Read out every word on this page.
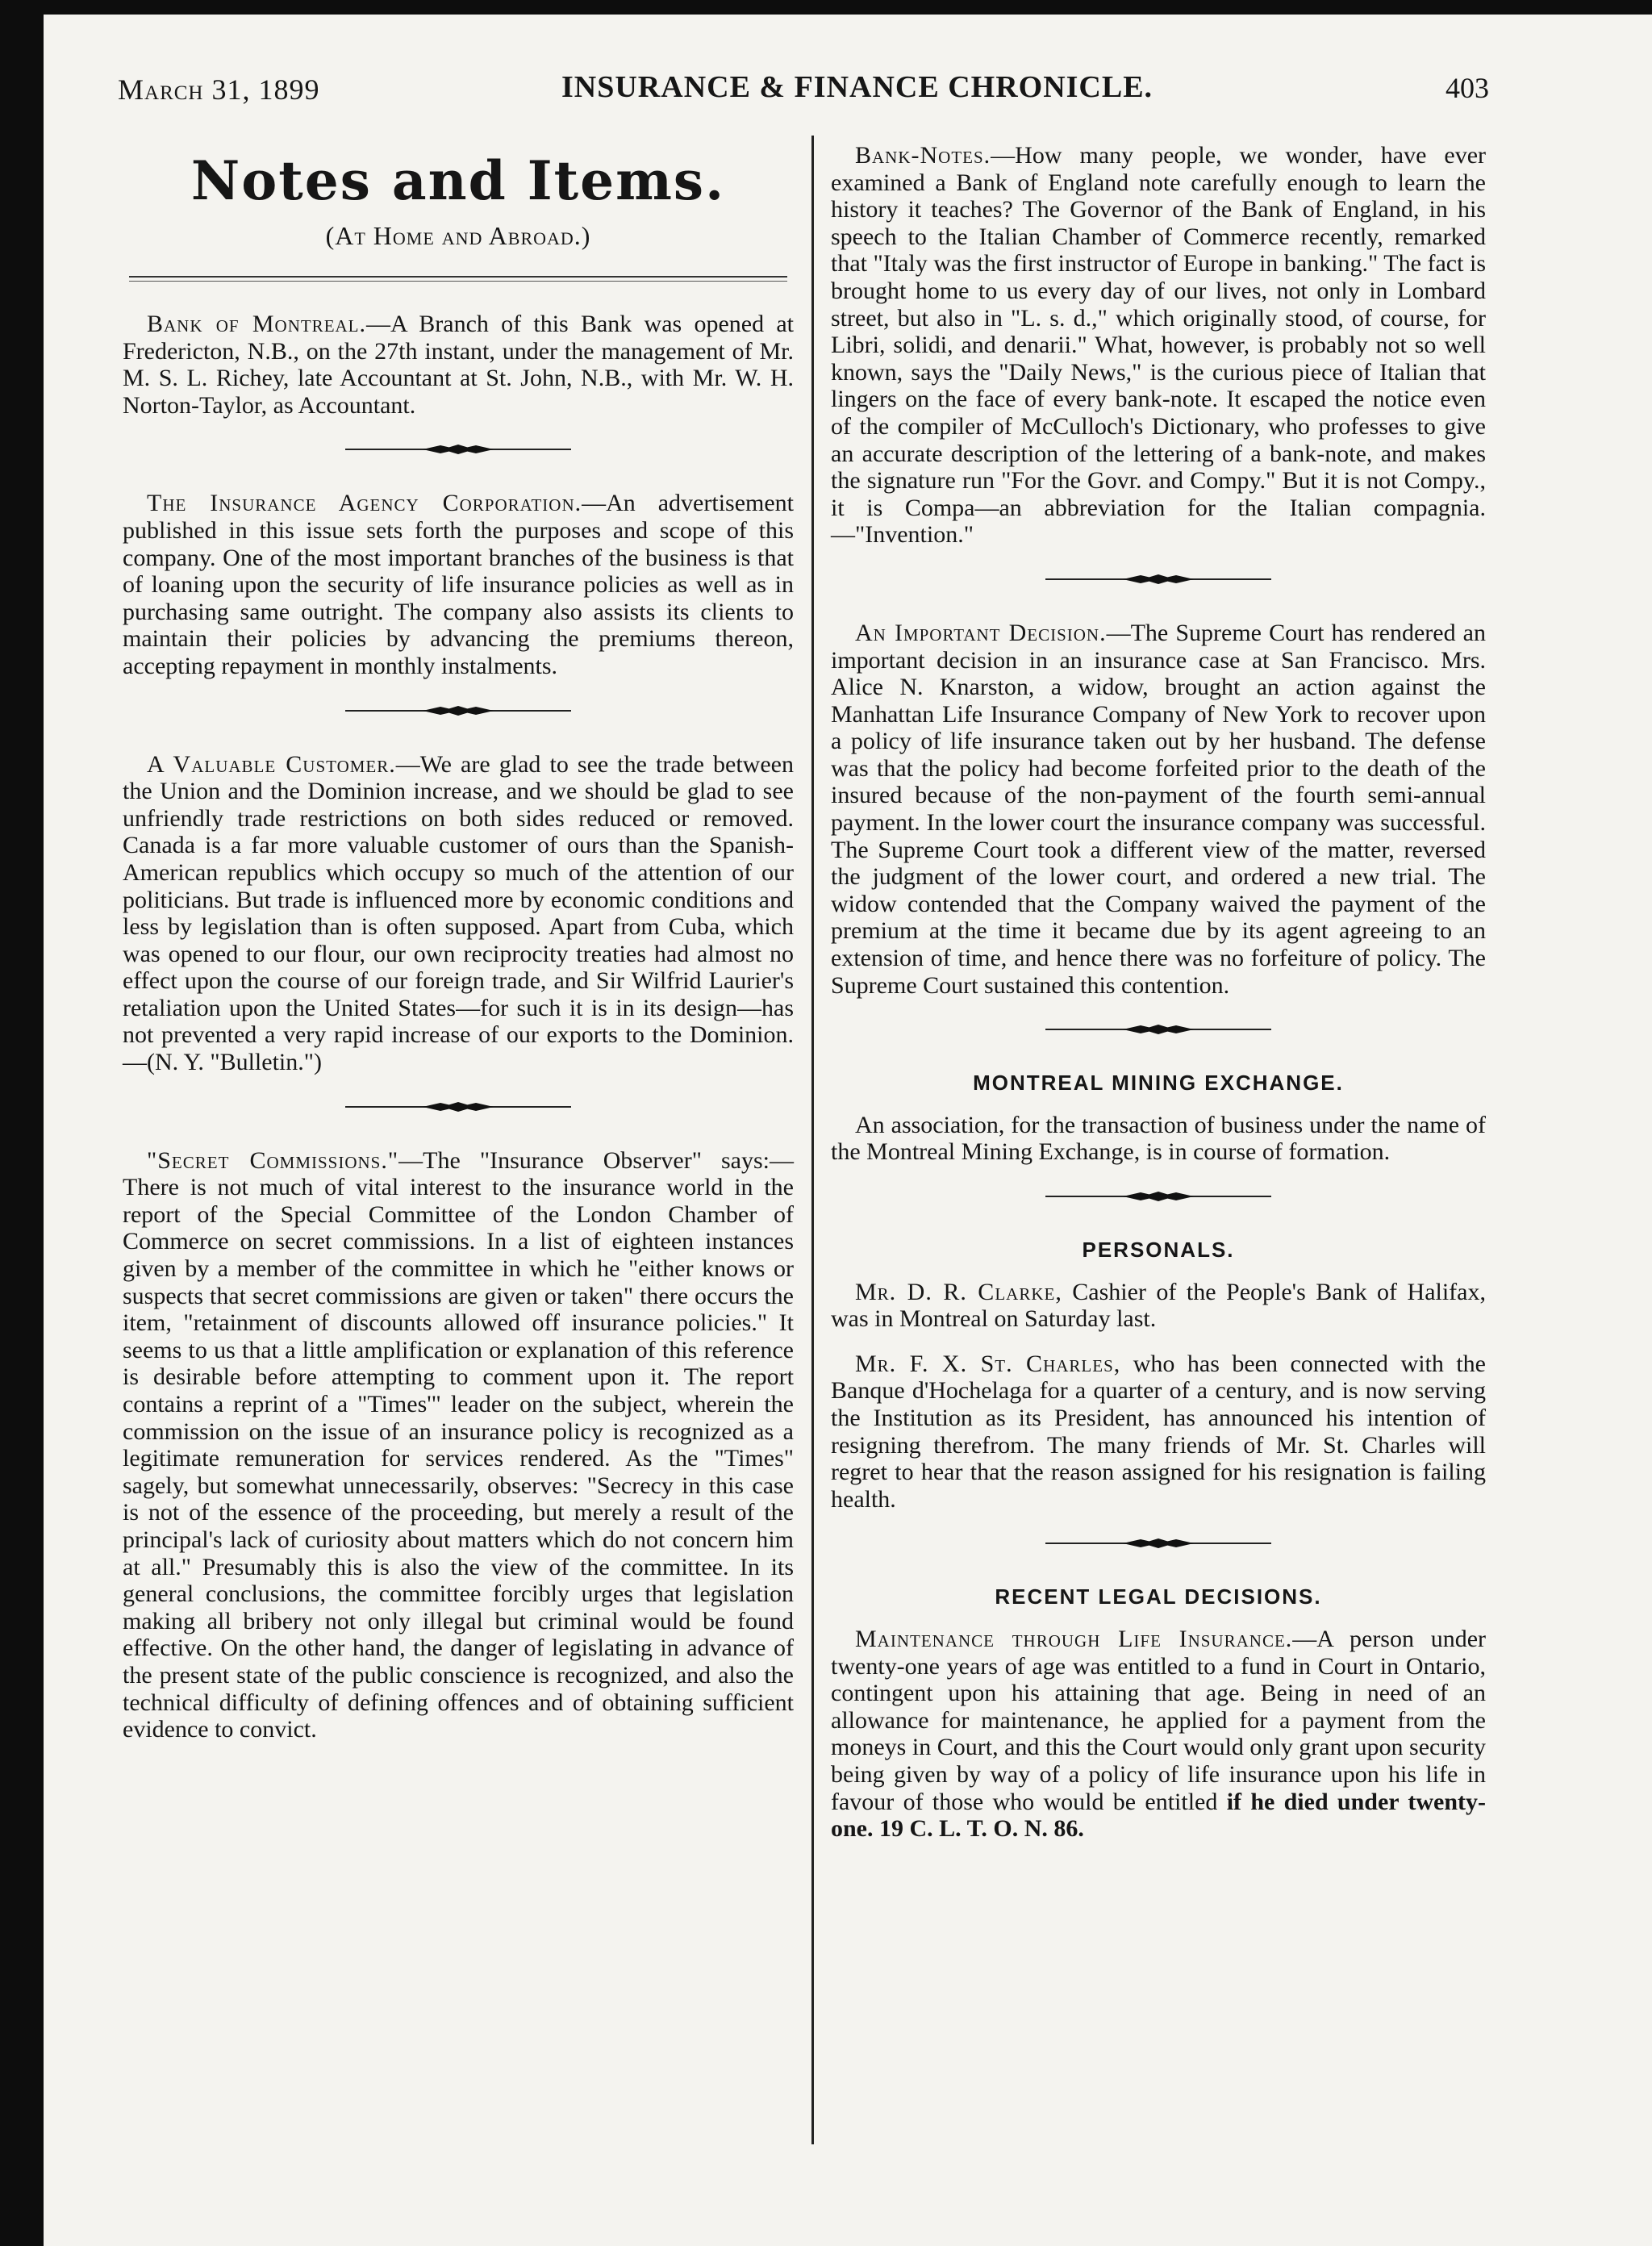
March 31, 1899	INSURANCE & FINANCE CHRONICLE.	403
Notes and Items.
(At Home and Abroad.)

Bank of Montreal.—A Branch of this Bank was opened at Fredericton, N.B., on the 27th instant, under the management of Mr. M. S. L. Richey, late Accountant at St. John, N.B., with Mr. W. H. Norton-Taylor, as Accountant.

The Insurance Agency Corporation.—An advertisement published in this issue sets forth the purposes and scope of this company. One of the most important branches of the business is that of loaning upon the security of life insurance policies as well as in purchasing same outright. The company also assists its clients to maintain their policies by advancing the premiums thereon, accepting repayment in monthly instalments.

A Valuable Customer.—We are glad to see the trade between the Union and the Dominion increase, and we should be glad to see unfriendly trade restrictions on both sides reduced or removed. Canada is a far more valuable customer of ours than the Spanish-American republics which occupy so much of the attention of our politicians. But trade is influenced more by economic conditions and less by legislation than is often supposed. Apart from Cuba, which was opened to our flour, our own reciprocity treaties had almost no effect upon the course of our foreign trade, and Sir Wilfrid Laurier's retaliation upon the United States—for such it is in its design—has not prevented a very rapid increase of our exports to the Dominion.—(N. Y. "Bulletin.")

"Secret Commissions."—The "Insurance Observer" says:—There is not much of vital interest to the insurance world in the report of the Special Committee of the London Chamber of Commerce on secret commissions. In a list of eighteen instances given by a member of the committee in which he "either knows or suspects that secret commissions are given or taken" there occurs the item, "retainment of discounts allowed off insurance policies." It seems to us that a little amplification or explanation of this reference is desirable before attempting to comment upon it. The report contains a reprint of a "Times'" leader on the subject, wherein the commission on the issue of an insurance policy is recognized as a legitimate remuneration for services rendered. As the "Times" sagely, but somewhat unnecessarily, observes: "Secrecy in this case is not of the essence of the proceeding, but merely a result of the principal's lack of curiosity about matters which do not concern him at all." Presumably this is also the view of the committee. In its general conclusions, the committee forcibly urges that legislation making all bribery not only illegal but criminal would be found effective. On the other hand, the danger of legislating in advance of the present state of the public conscience is recognized, and also the technical difficulty of defining offences and of obtaining sufficient evidence to convict.

Bank-Notes.—How many people, we wonder, have ever examined a Bank of England note carefully enough to learn the history it teaches? The Governor of the Bank of England, in his speech to the Italian Chamber of Commerce recently, remarked that "Italy was the first instructor of Europe in banking." The fact is brought home to us every day of our lives, not only in Lombard street, but also in "L. s. d.," which originally stood, of course, for Libri, solidi, and denarii." What, however, is probably not so well known, says the "Daily News," is the curious piece of Italian that lingers on the face of every bank-note. It escaped the notice even of the compiler of McCulloch's Dictionary, who professes to give an accurate description of the lettering of a bank-note, and makes the signature run "For the Govr. and Compy." But it is not Compy., it is Compa—an abbreviation for the Italian compagnia.—"Invention."

An Important Decision.—The Supreme Court has rendered an important decision in an insurance case at San Francisco. Mrs. Alice N. Knarston, a widow, brought an action against the Manhattan Life Insurance Company of New York to recover upon a policy of life insurance taken out by her husband. The defense was that the policy had become forfeited prior to the death of the insured because of the non-payment of the fourth semi-annual payment. In the lower court the insurance company was successful. The Supreme Court took a different view of the matter, reversed the judgment of the lower court, and ordered a new trial. The widow contended that the Company waived the payment of the premium at the time it became due by its agent agreeing to an extension of time, and hence there was no forfeiture of policy. The Supreme Court sustained this contention.

MONTREAL MINING EXCHANGE.

An association, for the transaction of business under the name of the Montreal Mining Exchange, is in course of formation.

PERSONALS.

Mr. D. R. Clarke, Cashier of the People's Bank of Halifax, was in Montreal on Saturday last.

Mr. F. X. St. Charles, who has been connected with the Banque d'Hochelaga for a quarter of a century, and is now serving the Institution as its President, has announced his intention of resigning therefrom. The many friends of Mr. St. Charles will regret to hear that the reason assigned for his resignation is failing health.

RECENT LEGAL DECISIONS.

Maintenance through Life Insurance.—A person under twenty-one years of age was entitled to a fund in Court in Ontario, contingent upon his attaining that age. Being in need of an allowance for maintenance, he applied for a payment from the moneys in Court, and this the Court would only grant upon security being given by way of a policy of life insurance upon his life in favour of those who would be entitled if he died under twenty-one. 19 C. L. T. O. N. 86.
